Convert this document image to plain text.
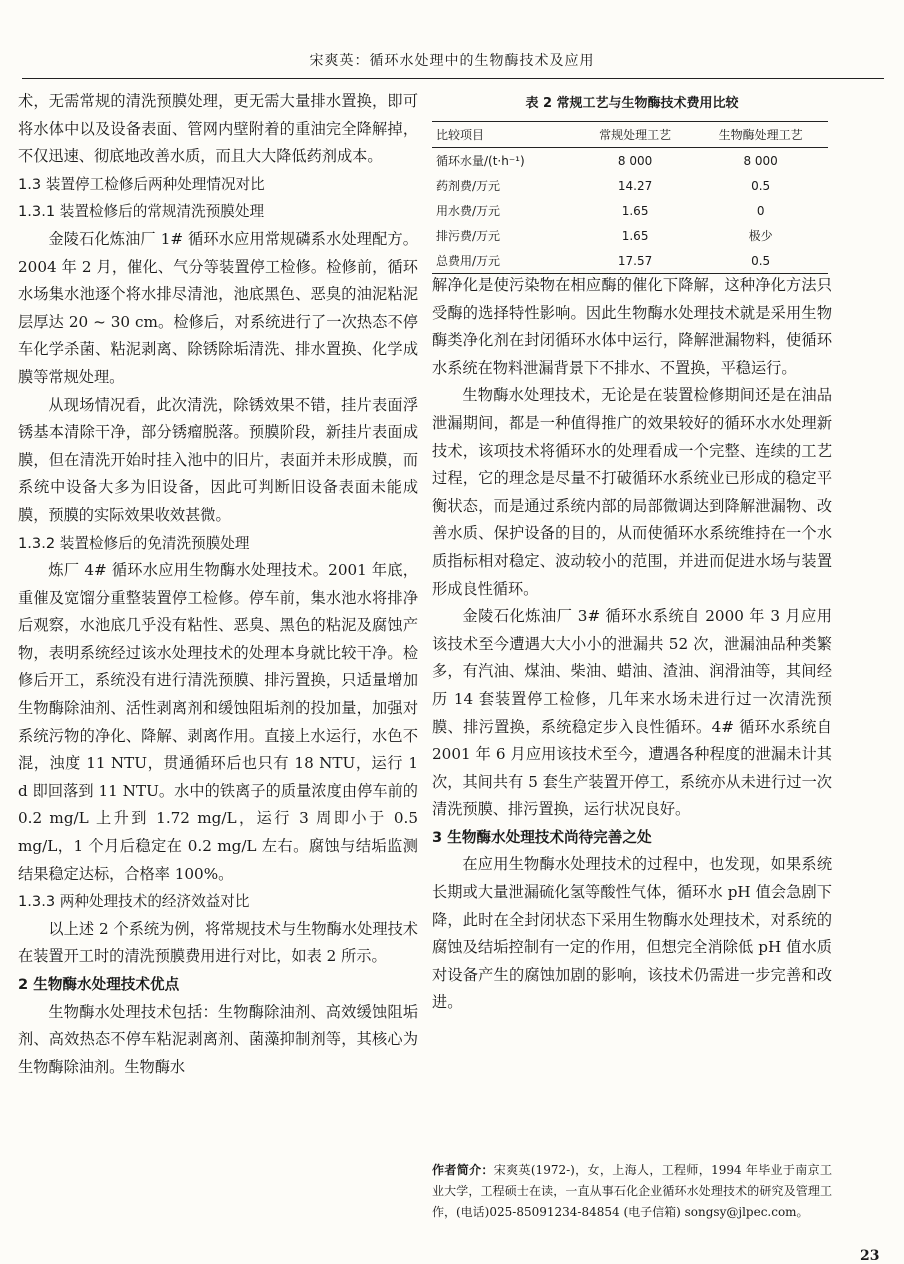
宋爽英：循环水处理中的生物酶技术及应用

术，无需常规的清洗预膜处理，更无需大量排水置换，即可将水体中以及设备表面、管网内壁附着的重油完全降解掉，不仅迅速、彻底地改善水质，而且大大降低药剂成本。

1.3 装置停工检修后两种处理情况对比
1.3.1 装置检修后的常规清洗预膜处理

金陵石化炼油厂 1# 循环水应用常规磷系水处理配方。2004 年 2 月，催化、气分等装置停工检修。检修前，循环水场集水池逐个将水排尽清池，池底黑色、恶臭的油泥粘泥层厚达 20 ~ 30 cm。检修后，对系统进行了一次热态不停车化学杀菌、粘泥剥离、除锈除垢清洗、排水置换、化学成膜等常规处理。

从现场情况看，此次清洗，除锈效果不错，挂片表面浮锈基本清除干净，部分锈瘤脱落。预膜阶段，新挂片表面成膜，但在清洗开始时挂入池中的旧片，表面并未形成膜，而系统中设备大多为旧设备，因此可判断旧设备表面未能成膜，预膜的实际效果收效甚微。

1.3.2 装置检修后的免清洗预膜处理

炼厂 4# 循环水应用生物酶水处理技术。2001 年底，重催及宽馏分重整装置停工检修。停车前，集水池水将排净后观察，水池底几乎没有粘性、恶臭、黑色的粘泥及腐蚀产物，表明系统经过该水处理技术的处理本身就比较干净。检修后开工，系统没有进行清洗预膜、排污置换，只适量增加生物酶除油剂、活性剥离剂和缓蚀阻垢剂的投加量，加强对系统污物的净化、降解、剥离作用。直接上水运行，水色不混，浊度 11 NTU，贯通循环后也只有 18 NTU，运行 1 d 即回落到 11 NTU。水中的铁离子的质量浓度由停车前的 0.2 mg/L 上升到 1.72 mg/L，运行 3 周即小于 0.5 mg/L，1 个月后稳定在 0.2 mg/L 左右。腐蚀与结垢监测结果稳定达标，合格率 100%。

1.3.3 两种处理技术的经济效益对比

以上述 2 个系统为例，将常规技术与生物酶水处理技术在装置开工时的清洗预膜费用进行对比，如表 2 所示。

2 生物酶水处理技术优点

生物酶水处理技术包括：生物酶除油剂、高效缓蚀阻垢剂、高效热态不停车粘泥剥离剂、菌藻抑制剂等，其核心为生物酶除油剂。生物酶水

表 2 常规工艺与生物酶技术费用比较
比较项目	常规处理工艺	生物酶处理工艺
循环水量/(t·h⁻¹)	8 000	8 000
药剂费/万元	14.27	0.5
用水费/万元	1.65	0
排污费/万元	1.65	极少
总费用/万元	17.57	0.5

解净化是使污染物在相应酶的催化下降解，这种净化方法只受酶的选择特性影响。因此生物酶水处理技术就是采用生物酶类净化剂在封闭循环水体中运行，降解泄漏物料，使循环水系统在物料泄漏背景下不排水、不置换，平稳运行。

生物酶水处理技术，无论是在装置检修期间还是在油品泄漏期间，都是一种值得推广的效果较好的循环水水处理新技术，该项技术将循环水的处理看成一个完整、连续的工艺过程，它的理念是尽量不打破循环水系统业已形成的稳定平衡状态，而是通过系统内部的局部微调达到降解泄漏物、改善水质、保护设备的目的，从而使循环水系统维持在一个水质指标相对稳定、波动较小的范围，并进而促进水场与装置形成良性循环。

金陵石化炼油厂 3# 循环水系统自 2000 年 3 月应用该技术至今遭遇大大小小的泄漏共 52 次，泄漏油品种类繁多，有汽油、煤油、柴油、蜡油、渣油、润滑油等，其间经历 14 套装置停工检修，几年来水场未进行过一次清洗预膜、排污置换，系统稳定步入良性循环。4# 循环水系统自 2001 年 6 月应用该技术至今，遭遇各种程度的泄漏未计其次，其间共有 5 套生产装置开停工，系统亦从未进行过一次清洗预膜、排污置换，运行状况良好。

3 生物酶水处理技术尚待完善之处

在应用生物酶水处理技术的过程中，也发现，如果系统长期或大量泄漏硫化氢等酸性气体，循环水 pH 值会急剧下降，此时在全封闭状态下采用生物酶水处理技术，对系统的腐蚀及结垢控制有一定的作用，但想完全消除低 pH 值水质对设备产生的腐蚀加剧的影响，该技术仍需进一步完善和改进。

作者简介：宋爽英(1972-)，女，上海人，工程师，1994 年毕业于南京工业大学，工程硕士在读，一直从事石化企业循环水处理技术的研究及管理工作，(电话)025-85091234-84854 (电子信箱) songsy@jlpec.com。
23
